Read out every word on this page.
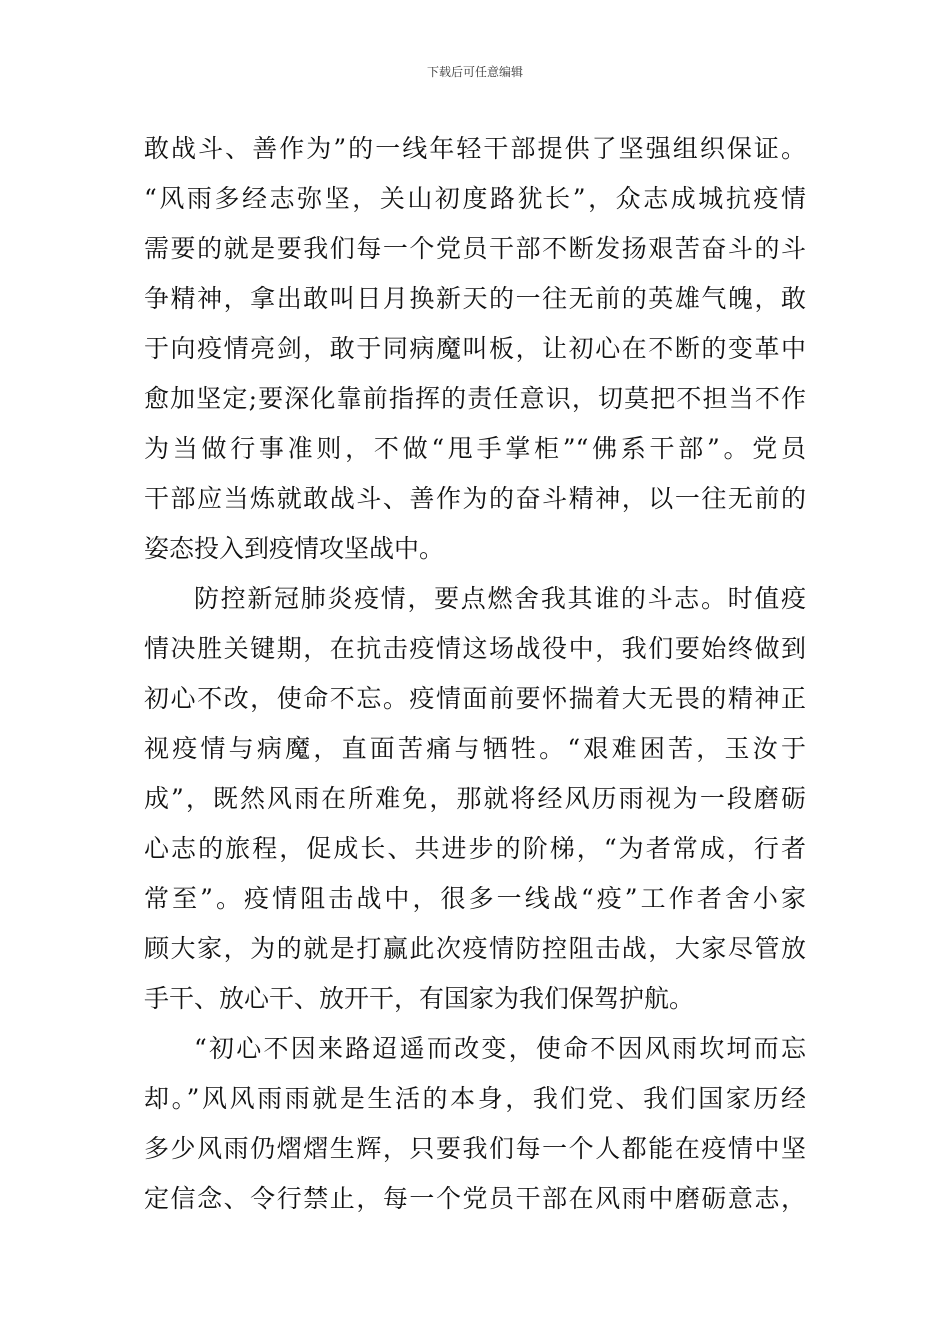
下载后可任意编辑
敢战斗、善作为”的一线年轻干部提供了坚强组织保证。
“风雨多经志弥坚，关山初度路犹长”，众志成城抗疫情
需要的就是要我们每一个党员干部不断发扬艰苦奋斗的斗
争精神，拿出敢叫日月换新天的一往无前的英雄气魄，敢
于向疫情亮剑，敢于同病魔叫板，让初心在不断的变革中
愈加坚定;要深化靠前指挥的责任意识，切莫把不担当不作
为当做行事准则，不做“甩手掌柜”“佛系干部”。党员
干部应当炼就敢战斗、善作为的奋斗精神，以一往无前的
姿态投入到疫情攻坚战中。
防控新冠肺炎疫情，要点燃舍我其谁的斗志。时值疫
情决胜关键期，在抗击疫情这场战役中，我们要始终做到
初心不改，使命不忘。疫情面前要怀揣着大无畏的精神正
视疫情与病魔，直面苦痛与牺牲。“艰难困苦，玉汝于
成”，既然风雨在所难免，那就将经风历雨视为一段磨砺
心志的旅程，促成长、共进步的阶梯，“为者常成，行者
常至”。疫情阻击战中，很多一线战“疫”工作者舍小家
顾大家，为的就是打赢此次疫情防控阻击战，大家尽管放
手干、放心干、放开干，有国家为我们保驾护航。
“初心不因来路迢遥而改变，使命不因风雨坎坷而忘
却。”风风雨雨就是生活的本身，我们党、我们国家历经
多少风雨仍熠熠生辉，只要我们每一个人都能在疫情中坚
定信念、令行禁止，每一个党员干部在风雨中磨砺意志，
